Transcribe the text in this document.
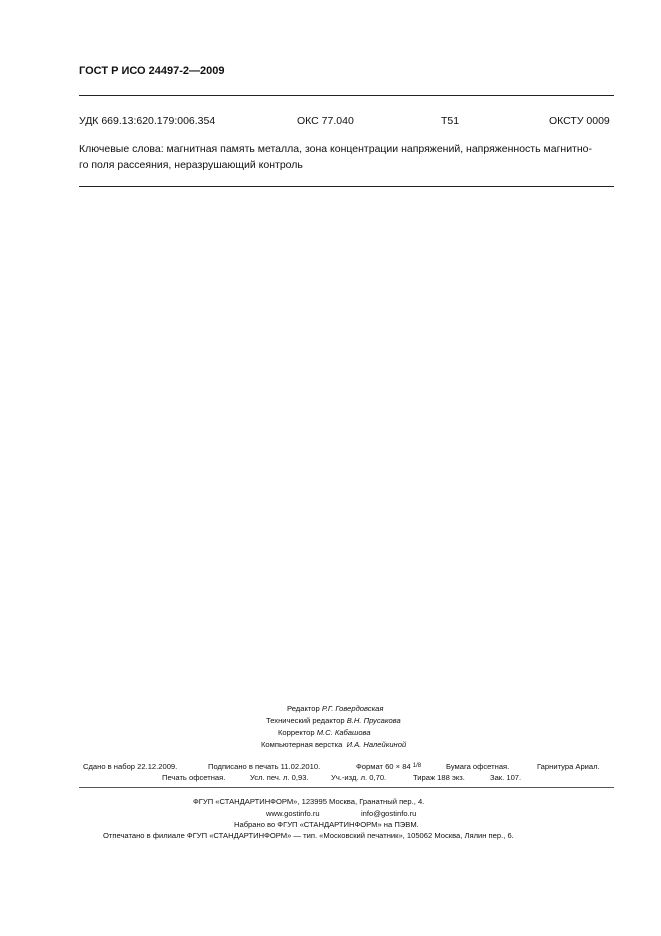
ГОСТ Р ИСО 24497-2—2009
УДК 669.13:620.179:006.354	ОКС 77.040	Т51	ОКСТУ 0009
Ключевые слова: магнитная память металла, зона концентрации напряжений, напряженность магнитно-
го поля рассеяния, неразрушающий контроль
Редактор Р.Г. Говердовская
Технический редактор В.Н. Прусакова
Корректор М.С. Кабашова
Компьютерная верстка И.А. Налейкиной
Сдано в набор 22.12.2009.	Подписано в печать 11.02.2010.	Формат 60 × 84 $^{1/8}$	Бумага офсетная.	Гарнитура Ариал.
Печать офсетная.	Усл. печ. л. 0,93.	Уч.-изд. л. 0,70.	Тираж 188 экз.	Зак. 107.
ФГУП «СТАНДАРТИНФОРМ», 123995 Москва, Гранатный пер., 4.
www.gostinfo.ru	info@gostinfo.ru
Набрано во ФГУП «СТАНДАРТИНФОРМ» на ПЭВМ.
Отпечатано в филиале ФГУП «СТАНДАРТИНФОРМ» — тип. «Московский печатник», 105062 Москва, Лялин пер., 6.
